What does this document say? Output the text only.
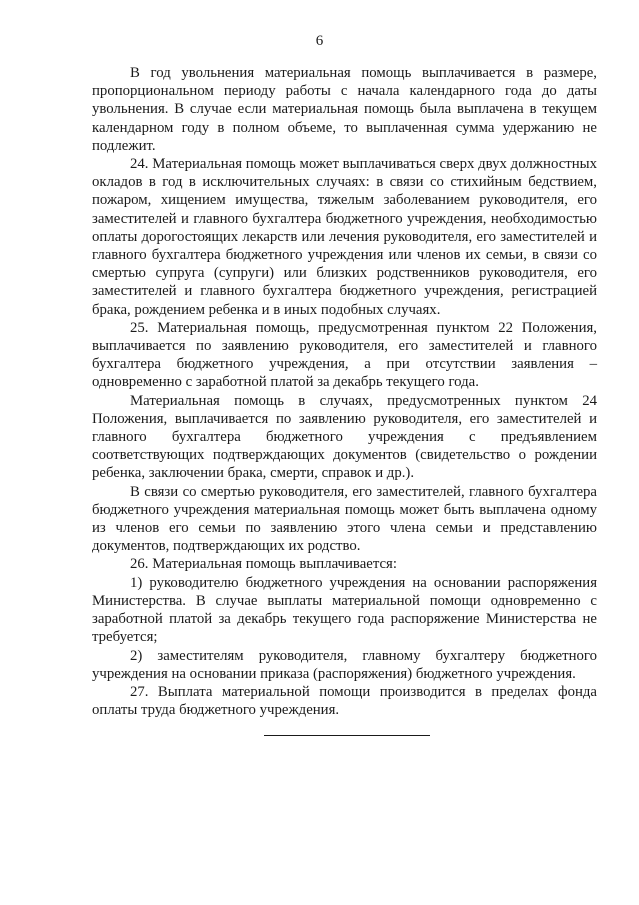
6

В год увольнения материальная помощь выплачивается в размере, пропорциональном периоду работы с начала календарного года до даты увольнения. В случае если материальная помощь была выплачена в текущем календарном году в полном объеме, то выплаченная сумма удержанию не подлежит.

24. Материальная помощь может выплачиваться сверх двух должностных окладов в год в исключительных случаях: в связи со стихийным бедствием, пожаром, хищением имущества, тяжелым заболеванием руководителя, его заместителей и главного бухгалтера бюджетного учреждения, необходимостью оплаты дорогостоящих лекарств или лечения руководителя, его заместителей и главного бухгалтера бюджетного учреждения или членов их семьи, в связи со смертью супруга (супруги) или близких родственников руководителя, его заместителей и главного бухгалтера бюджетного учреждения, регистрацией брака, рождением ребенка и в иных подобных случаях.

25. Материальная помощь, предусмотренная пунктом 22 Положения, выплачивается по заявлению руководителя, его заместителей и главного бухгалтера бюджетного учреждения, а при отсутствии заявления – одновременно с заработной платой за декабрь текущего года.

Материальная помощь в случаях, предусмотренных пунктом 24 Положения, выплачивается по заявлению руководителя, его заместителей и главного бухгалтера бюджетного учреждения с предъявлением соответствующих подтверждающих документов (свидетельство о рождении ребенка, заключении брака, смерти, справок и др.).

В связи со смертью руководителя, его заместителей, главного бухгалтера бюджетного учреждения материальная помощь может быть выплачена одному из членов его семьи по заявлению этого члена семьи и представлению документов, подтверждающих их родство.

26. Материальная помощь выплачивается:

1) руководителю бюджетного учреждения на основании распоряжения Министерства. В случае выплаты материальной помощи одновременно с заработной платой за декабрь текущего года распоряжение Министерства не требуется;

2) заместителям руководителя, главному бухгалтеру бюджетного учреждения на основании приказа (распоряжения) бюджетного учреждения.

27. Выплата материальной помощи производится в пределах фонда оплаты труда бюджетного учреждения.
